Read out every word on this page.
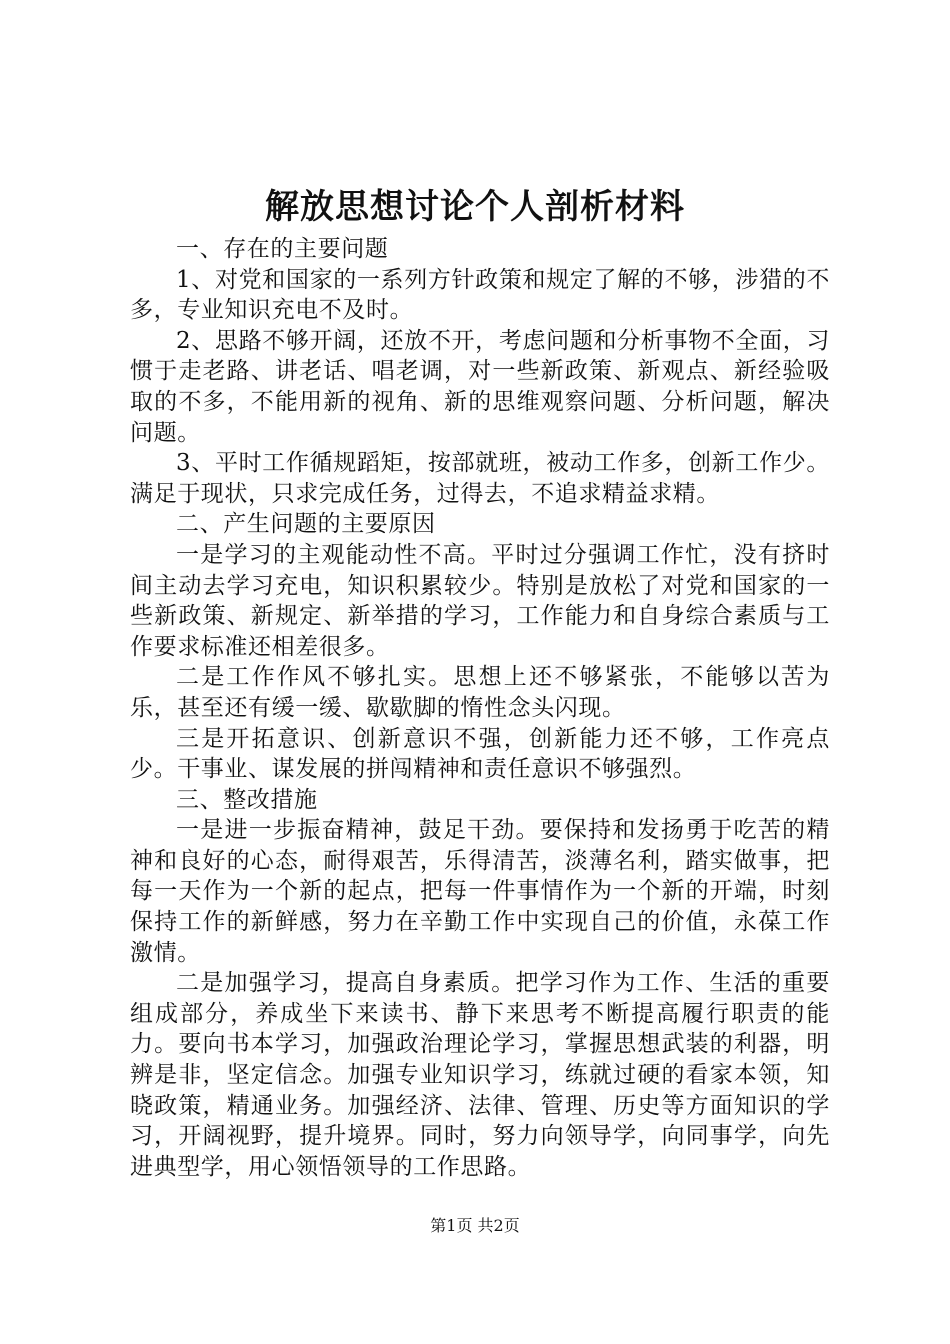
解放思想讨论个人剖析材料

一、存在的主要问题

1、对党和国家的一系列方针政策和规定了解的不够，涉猎的不多，专业知识充电不及时。

2、思路不够开阔，还放不开，考虑问题和分析事物不全面，习惯于走老路、讲老话、唱老调，对一些新政策、新观点、新经验吸取的不多，不能用新的视角、新的思维观察问题、分析问题，解决问题。

3、平时工作循规蹈矩，按部就班，被动工作多，创新工作少。满足于现状，只求完成任务，过得去，不追求精益求精。

二、产生问题的主要原因

一是学习的主观能动性不高。平时过分强调工作忙，没有挤时间主动去学习充电，知识积累较少。特别是放松了对党和国家的一些新政策、新规定、新举措的学习，工作能力和自身综合素质与工作要求标准还相差很多。

二是工作作风不够扎实。思想上还不够紧张，不能够以苦为乐，甚至还有缓一缓、歇歇脚的惰性念头闪现。

三是开拓意识、创新意识不强，创新能力还不够，工作亮点少。干事业、谋发展的拼闯精神和责任意识不够强烈。

三、整改措施

一是进一步振奋精神，鼓足干劲。要保持和发扬勇于吃苦的精神和良好的心态，耐得艰苦，乐得清苦，淡薄名利，踏实做事，把每一天作为一个新的起点，把每一件事情作为一个新的开端，时刻保持工作的新鲜感，努力在辛勤工作中实现自己的价值，永葆工作激情。

二是加强学习，提高自身素质。把学习作为工作、生活的重要组成部分，养成坐下来读书、静下来思考不断提高履行职责的能力。要向书本学习，加强政治理论学习，掌握思想武装的利器，明辨是非，坚定信念。加强专业知识学习，练就过硬的看家本领，知晓政策，精通业务。加强经济、法律、管理、历史等方面知识的学习，开阔视野，提升境界。同时，努力向领导学，向同事学，向先进典型学，用心领悟领导的工作思路。

第1页 共2页
